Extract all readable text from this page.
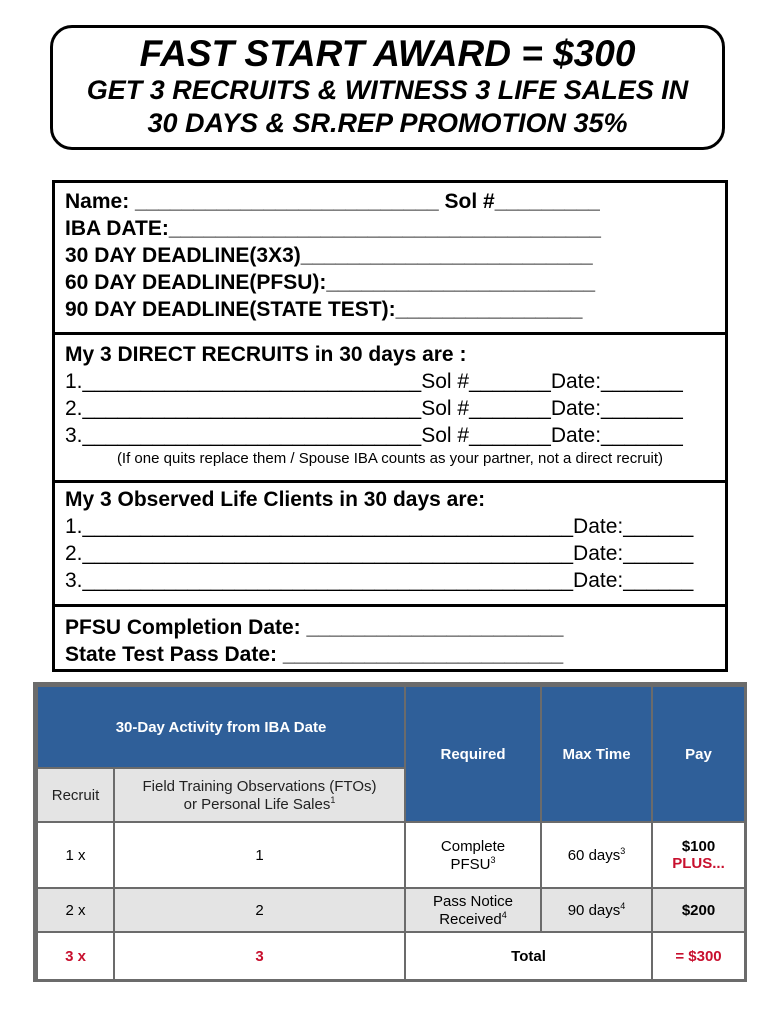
FAST START AWARD = $300
GET 3 RECRUITS & WITNESS 3 LIFE SALES IN
30 DAYS & SR.REP PROMOTION 35%
Name: __________________________ Sol #_________
IBA DATE:_____________________________________
30 DAY DEADLINE(3X3)_________________________
60 DAY DEADLINE(PFSU):_______________________
90 DAY DEADLINE(STATE TEST):________________
My 3 DIRECT RECRUITS in 30 days are :
1._____________________________Sol #_______Date:_______
2._____________________________Sol #_______Date:_______
3._____________________________Sol #_______Date:_______
(If one quits replace them / Spouse IBA counts as your partner, not a direct recruit)
My 3 Observed Life Clients in 30 days are:
1.__________________________________________Date:______
2.__________________________________________Date:______
3.__________________________________________Date:______
PFSU Completion Date: ______________________
State Test Pass Date: ________________________
30-Day Activity from IBA Date		Required	Max Time	Pay
Recruit	Field Training Observations (FTOs)
or Personal Life Sales$^1$
1 x	1	Complete
PFSU$^3$	60 days$^3$	$100
PLUS...
2 x	2	Pass Notice
Received$^4$	90 days$^4$	$200
3 x	3	Total		= $300
